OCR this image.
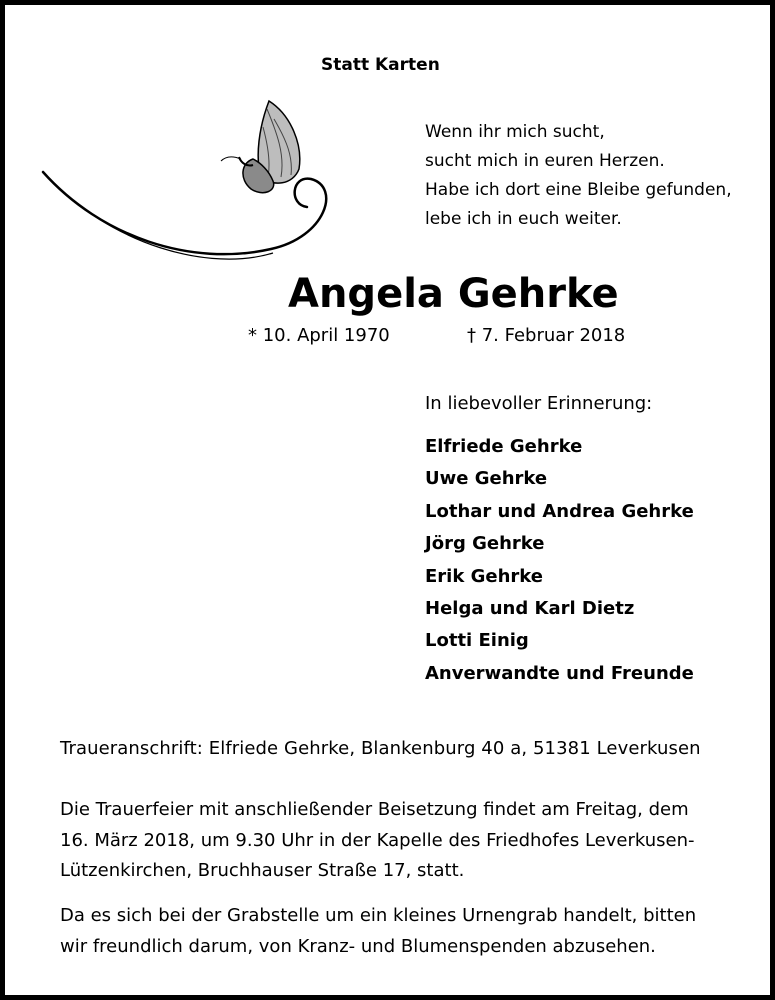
Statt Karten
Wenn ihr mich sucht,
sucht mich in euren Herzen.
Habe ich dort eine Bleibe gefunden,
lebe ich in euch weiter.
Angela Gehrke
* 10. April 1970	† 7. Februar 2018
In liebevoller Erinnerung:
Elfriede Gehrke
Uwe Gehrke
Lothar und Andrea Gehrke
Jörg Gehrke
Erik Gehrke
Helga und Karl Dietz
Lotti Einig
Anverwandte und Freunde
Traueranschrift: Elfriede Gehrke, Blankenburg 40 a, 51381 Leverkusen
Die Trauerfeier mit anschließender Beisetzung findet am Freitag, dem
16. März 2018, um 9.30 Uhr in der Kapelle des Friedhofes Leverkusen-
Lützenkirchen, Bruchhauser Straße 17, statt.
Da es sich bei der Grabstelle um ein kleines Urnengrab handelt, bitten
wir freundlich darum, von Kranz- und Blumenspenden abzusehen.
